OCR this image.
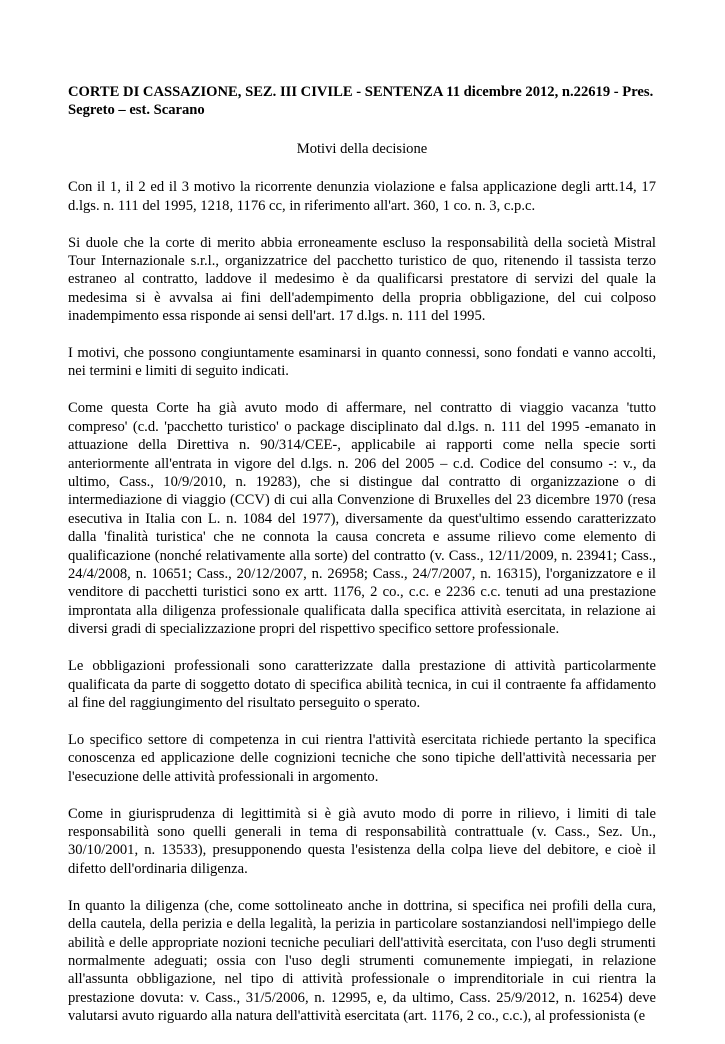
CORTE DI CASSAZIONE, SEZ. III CIVILE - SENTENZA 11 dicembre 2012, n.22619 - Pres. Segreto – est. Scarano
Motivi della decisione

Con il 1, il 2 ed il 3 motivo la ricorrente denunzia violazione e falsa applicazione degli artt.14, 17 d.lgs. n. 111 del 1995, 1218, 1176 cc, in riferimento all'art. 360, 1 co. n. 3, c.p.c.

Si duole che la corte di merito abbia erroneamente escluso la responsabilità della società Mistral Tour Internazionale s.r.l., organizzatrice del pacchetto turistico de quo, ritenendo il tassista terzo estraneo al contratto, laddove il medesimo è da qualificarsi prestatore di servizi del quale la medesima si è avvalsa ai fini dell'adempimento della propria obbligazione, del cui colposo inadempimento essa risponde ai sensi dell'art. 17 d.lgs. n. 111 del 1995.

I motivi, che possono congiuntamente esaminarsi in quanto connessi, sono fondati e vanno accolti, nei termini e limiti di seguito indicati.

Come questa Corte ha già avuto modo di affermare, nel contratto di viaggio vacanza 'tutto compreso' (c.d. 'pacchetto turistico' o package disciplinato dal d.lgs. n. 111 del 1995 -emanato in attuazione della Direttiva n. 90/314/CEE-, applicabile ai rapporti come nella specie sorti anteriormente all'entrata in vigore del d.lgs. n. 206 del 2005 – c.d. Codice del consumo -: v., da ultimo, Cass., 10/9/2010, n. 19283), che si distingue dal contratto di organizzazione o di intermediazione di viaggio (CCV) di cui alla Convenzione di Bruxelles del 23 dicembre 1970 (resa esecutiva in Italia con L. n. 1084 del 1977), diversamente da quest'ultimo essendo caratterizzato dalla 'finalità turistica' che ne connota la causa concreta e assume rilievo come elemento di qualificazione (nonché relativamente alla sorte) del contratto (v. Cass., 12/11/2009, n. 23941; Cass., 24/4/2008, n. 10651; Cass., 20/12/2007, n. 26958; Cass., 24/7/2007, n. 16315), l'organizzatore e il venditore di pacchetti turistici sono ex artt. 1176, 2 co., c.c. e 2236 c.c. tenuti ad una prestazione improntata alla diligenza professionale qualificata dalla specifica attività esercitata, in relazione ai diversi gradi di specializzazione propri del rispettivo specifico settore professionale.

Le obbligazioni professionali sono caratterizzate dalla prestazione di attività particolarmente qualificata da parte di soggetto dotato di specifica abilità tecnica, in cui il contraente fa affidamento al fine del raggiungimento del risultato perseguito o sperato.

Lo specifico settore di competenza in cui rientra l'attività esercitata richiede pertanto la specifica conoscenza ed applicazione delle cognizioni tecniche che sono tipiche dell'attività necessaria per l'esecuzione delle attività professionali in argomento.

Come in giurisprudenza di legittimità si è già avuto modo di porre in rilievo, i limiti di tale responsabilità sono quelli generali in tema di responsabilità contrattuale (v. Cass., Sez. Un., 30/10/2001, n. 13533), presupponendo questa l'esistenza della colpa lieve del debitore, e cioè il difetto dell'ordinaria diligenza.

In quanto la diligenza (che, come sottolineato anche in dottrina, si specifica nei profili della cura, della cautela, della perizia e della legalità, la perizia in particolare sostanziandosi nell'impiego delle abilità e delle appropriate nozioni tecniche peculiari dell'attività esercitata, con l'uso degli strumenti normalmente adeguati; ossia con l'uso degli strumenti comunemente impiegati, in relazione all'assunta obbligazione, nel tipo di attività professionale o imprenditoriale in cui rientra la prestazione dovuta: v. Cass., 31/5/2006, n. 12995, e, da ultimo, Cass. 25/9/2012, n. 16254) deve valutarsi avuto riguardo alla natura dell'attività esercitata (art. 1176, 2 co., c.c.), al professionista (e
